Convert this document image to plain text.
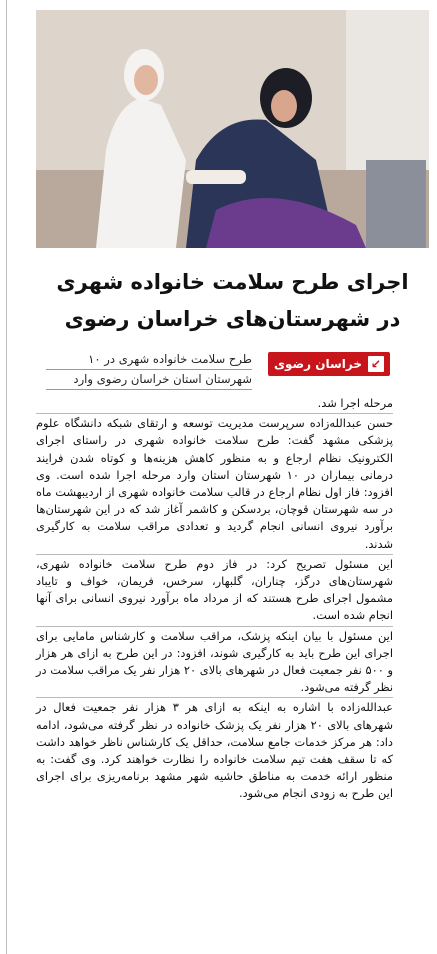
اجرای طرح سلامت خانواده شهری
در شهرستان‌های خراسان رضوی
↙
خراسان رضوی
طرح سلامت خانواده شهری در ۱۰
شهرستان استان خراسان رضوی وارد

مرحله اجرا شد.

حسن عبدالله‌زاده سرپرست مدیریت توسعه و ارتقای شبکه دانشگاه علوم پزشکی مشهد گفت: طرح سلامت خانواده شهری در راستای اجرای الکترونیک نظام ارجاع و به منظور کاهش هزینه‌ها و کوتاه شدن فرایند درمانی بیماران در ۱۰ شهرستان استان وارد مرحله اجرا شده است. وی افزود: فاز اول نظام ارجاع در قالب سلامت خانواده شهری از اردیبهشت ماه در سه شهرستان قوچان، بردسکن و کاشمر آغاز شد که در این شهرستان‌ها برآورد نیروی انسانی انجام گردید و تعدادی مراقب سلامت به کارگیری شدند.

این مسئول تصریح کرد: در فاز دوم طرح سلامت خانواده شهری، شهرستان‌های درگز، چناران، گلبهار، سرخس، فریمان، خواف و تایباد مشمول اجرای طرح هستند که از مرداد ماه برآورد نیروی انسانی برای آنها انجام شده است.

این مسئول با بیان اینکه پزشک، مراقب سلامت و کارشناس مامایی برای اجرای این طرح باید به کارگیری شوند، افزود: در این طرح به ازای هر هزار و ۵۰۰ نفر جمعیت فعال در شهرهای بالای ۲۰ هزار نفر یک مراقب سلامت در نظر گرفته می‌شود.

عبدالله‌زاده با اشاره به اینکه به ازای هر ۳ هزار نفر جمعیت فعال در شهرهای بالای ۲۰ هزار نفر یک پزشک خانواده در نظر گرفته می‌شود، ادامه داد: هر مرکز خدمات جامع سلامت، حداقل یک کارشناس ناظر خواهد داشت که تا سقف هفت تیم سلامت خانواده را نظارت خواهند کرد. وی گفت: به منظور ارائه خدمت به مناطق حاشیه شهر مشهد برنامه‌ریزی برای اجرای این طرح به زودی انجام می‌شود.
